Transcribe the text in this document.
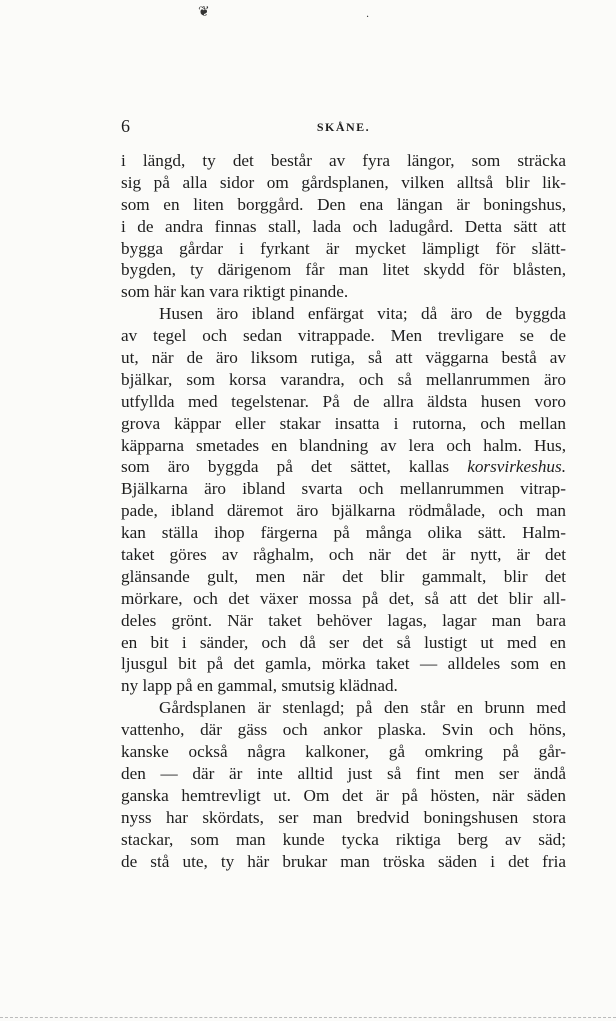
❦	·
6	SKÅNE.
i längd, ty det består av fyra längor, som sträcka
sig på alla sidor om gårdsplanen, vilken alltså blir lik-
som en liten borggård. Den ena längan är boningshus,
i de andra finnas stall, lada och ladugård. Detta sätt att
bygga gårdar i fyrkant är mycket lämpligt för slätt-
bygden, ty därigenom får man litet skydd för blåsten,
som här kan vara riktigt pinande.
Husen äro ibland enfärgat vita; då äro de byggda
av tegel och sedan vitrappade. Men trevligare se de
ut, när de äro liksom rutiga, så att väggarna bestå av
bjälkar, som korsa varandra, och så mellanrummen äro
utfyllda med tegelstenar. På de allra äldsta husen voro
grova käppar eller stakar insatta i rutorna, och mellan
käpparna smetades en blandning av lera och halm. Hus,
som äro byggda på det sättet, kallas korsvirkeshus.
Bjälkarna äro ibland svarta och mellanrummen vitrap-
pade, ibland däremot äro bjälkarna rödmålade, och man
kan ställa ihop färgerna på många olika sätt. Halm-
taket göres av råghalm, och när det är nytt, är det
glänsande gult, men när det blir gammalt, blir det
mörkare, och det växer mossa på det, så att det blir all-
deles grönt. När taket behöver lagas, lagar man bara
en bit i sänder, och då ser det så lustigt ut med en
ljusgul bit på det gamla, mörka taket — alldeles som en
ny lapp på en gammal, smutsig klädnad.
Gårdsplanen är stenlagd; på den står en brunn med
vattenho, där gäss och ankor plaska. Svin och höns,
kanske också några kalkoner, gå omkring på går-
den — där är inte alltid just så fint men ser ändå
ganska hemtrevligt ut. Om det är på hösten, när säden
nyss har skördats, ser man bredvid boningshusen stora
stackar, som man kunde tycka riktiga berg av säd;
de stå ute, ty här brukar man tröska säden i det fria
